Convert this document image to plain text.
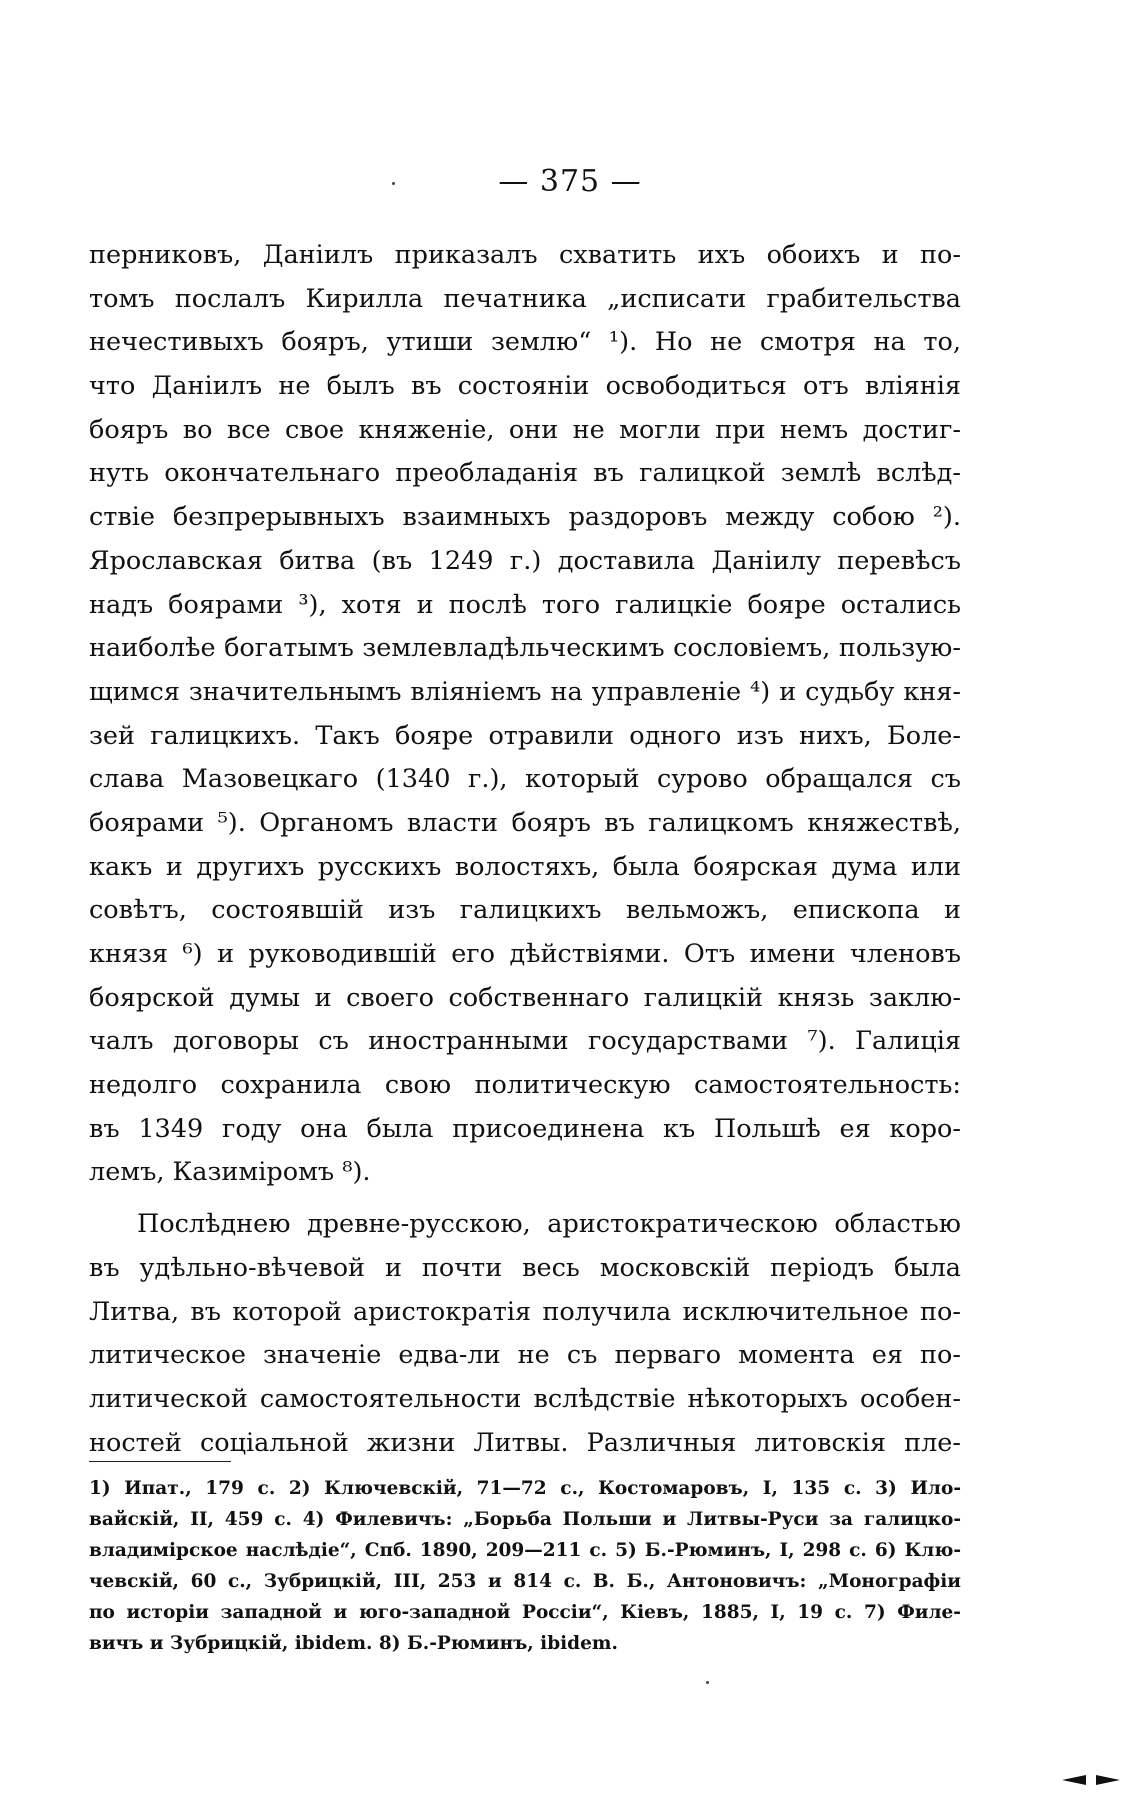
— 375 —
перниковъ, Даніилъ приказалъ схватить ихъ обоихъ и по-
томъ послалъ Кирилла печатника „исписати грабительства
нечестивыхъ бояръ, утиши землю“ ¹). Но не смотря на то,
что Даніилъ не былъ въ состояніи освободиться отъ вліянія
бояръ во все свое княженіе, они не могли при немъ достиг-
нуть окончательнаго преобладанія въ галицкой землѣ вслѣд-
ствіе безпрерывныхъ взаимныхъ раздоровъ между собою ²).
Ярославская битва (въ 1249 г.) доставила Даніилу перевѣсъ
надъ боярами ³), хотя и послѣ того галицкіе бояре остались
наиболѣе богатымъ землевладѣльческимъ сословіемъ, пользую-
щимся значительнымъ вліяніемъ на управленіе ⁴) и судьбу кня-
зей галицкихъ. Такъ бояре отравили одного изъ нихъ, Боле-
слава Мазовецкаго (1340 г.), который сурово обращался съ
боярами ⁵). Органомъ власти бояръ въ галицкомъ княжествѣ,
какъ и другихъ русскихъ волостяхъ, была боярская дума или
совѣтъ, состоявшій изъ галицкихъ вельможъ, епископа и
князя ⁶) и руководившій его дѣйствіями. Отъ имени членовъ
боярской думы и своего собственнаго галицкій князь заклю-
чалъ договоры съ иностранными государствами ⁷). Галиція
недолго сохранила свою политическую самостоятельность:
въ 1349 году она была присоединена къ Польшѣ ея коро-
лемъ, Казиміромъ ⁸).
Послѣднею древне-русскою, аристократическою областью
въ удѣльно-вѣчевой и почти весь московскій періодъ была
Литва, въ которой аристократія получила исключительное по-
литическое значеніе едва-ли не съ перваго момента ея по-
литической самостоятельности вслѣдствіе нѣкоторыхъ особен-
ностей соціальной жизни Литвы. Различныя литовскія пле-
1) Ипат., 179 с. 2) Ключевскій, 71—72 с., Костомаровъ, I, 135 с. 3) Ило-
вайскій, II, 459 с. 4) Филевичъ: „Борьба Польши и Литвы-Руси за галицко-
владимірское наслѣдіе“, Спб. 1890, 209—211 с. 5) Б.-Рюминъ, I, 298 с. 6) Клю-
чевскій, 60 с., Зубрицкій, III, 253 и 814 с. В. Б., Антоновичъ: „Монографіи
по исторіи западной и юго-западной Россіи“, Кіевъ, 1885, I, 19 с. 7) Филе-
вичъ и Зубрицкій, ibidem. 8) Б.-Рюминъ, ibidem.
